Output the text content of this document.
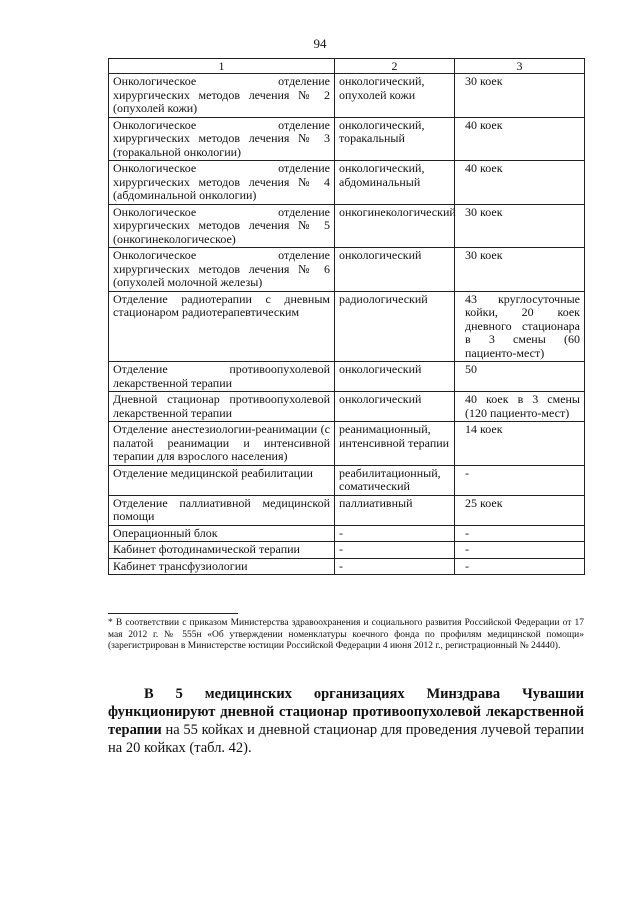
94
1	2	3
Онкологическое отделение хирургических методов лечения № 2 (опухолей кожи)	онкологический, опухолей кожи	30 коек
Онкологическое отделение хирургических методов лечения № 3 (торакальной онкологии)	онкологический, торакальный	40 коек
Онкологическое отделение хирургических методов лечения № 4 (абдоминальной онкологии)	онкологический, абдоминальный	40 коек
Онкологическое отделение хирургических методов лечения № 5 (онкогинекологическое)	онкогинекологический	30 коек
Онкологическое отделение хирургических методов лечения № 6 (опухолей молочной железы)	онкологический	30 коек
Отделение радиотерапии с дневным стационаром радиотерапевтическим	радиологический	43 круглосуточные койки, 20 коек дневного стационара в 3 смены (60 пациенто-мест)
Отделение противоопухолевой лекарственной терапии	онкологический	50
Дневной стационар противоопухолевой лекарственной терапии	онкологический	40 коек в 3 смены (120 пациенто-мест)
Отделение анестезиологии-реанимации (с палатой реанимации и интенсивной терапии для взрослого населения)	реанимационный, интенсивной терапии	14 коек
Отделение медицинской реабилитации	реабилитационный, соматический	-
Отделение паллиативной медицинской помощи	паллиативный	25 коек
Операционный блок	-	-
Кабинет фотодинамической терапии	-	-
Кабинет трансфузиологии	-	-
* В соответствии с приказом Министерства здравоохранения и социального развития Российской Федерации от 17 мая 2012 г. № 555н «Об утверждении номенклатуры коечного фонда по профилям медицинской помощи» (зарегистрирован в Министерстве юстиции Российской Федерации 4 июня 2012 г., регистрационный № 24440).
В 5 медицинских организациях Минздрава Чувашии функционируют дневной стационар противоопухолевой лекарственной терапии на 55 койках и дневной стационар для проведения лучевой терапии на 20 койках (табл. 42).
